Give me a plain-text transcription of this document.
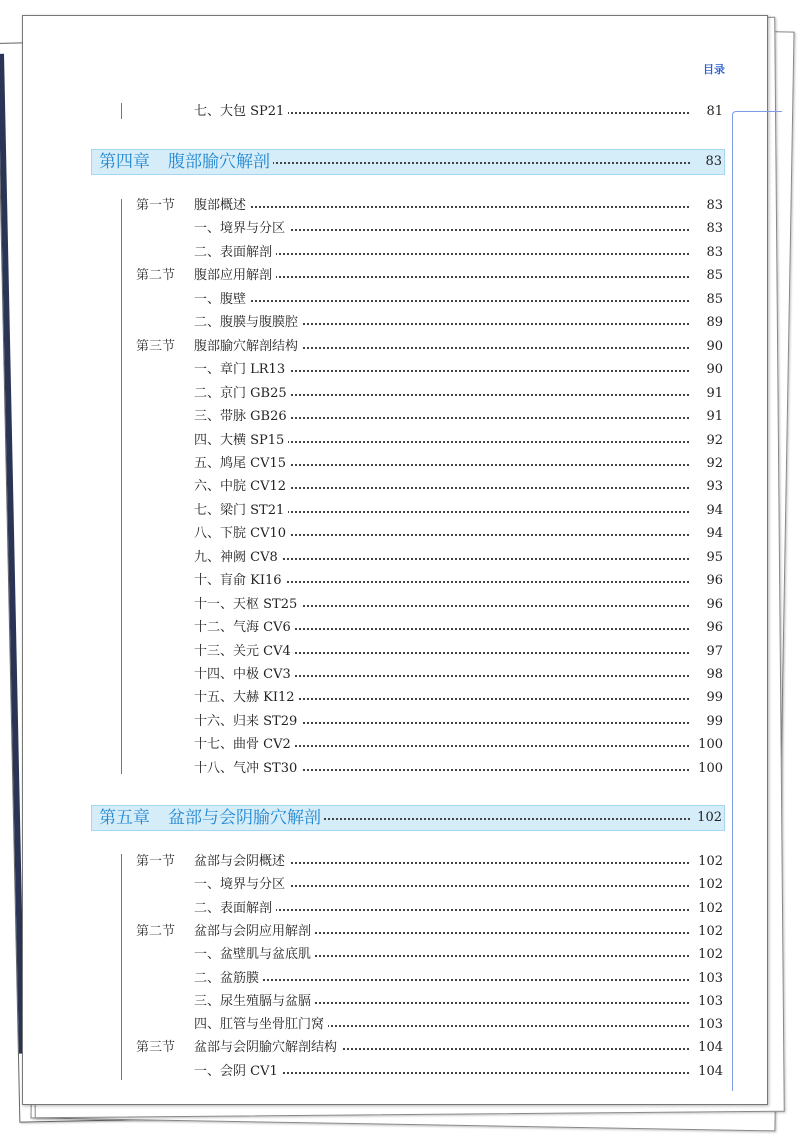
目录
七、大包 SP21	81
第四章 腹部腧穴解剖	83
第一节 腹部概述	83
一、境界与分区	83
二、表面解剖	83
第二节 腹部应用解剖	85
一、腹壁	85
二、腹膜与腹膜腔	89
第三节 腹部腧穴解剖结构	90
一、章门 LR13	90
二、京门 GB25	91
三、带脉 GB26	91
四、大横 SP15	92
五、鸠尾 CV15	92
六、中脘 CV12	93
七、梁门 ST21	94
八、下脘 CV10	94
九、神阙 CV8	95
十、肓俞 KI16	96
十一、天枢 ST25	96
十二、气海 CV6	96
十三、关元 CV4	97
十四、中极 CV3	98
十五、大赫 KI12	99
十六、归来 ST29	99
十七、曲骨 CV2	100
十八、气冲 ST30	100
第五章 盆部与会阴腧穴解剖	102
第一节 盆部与会阴概述	102
一、境界与分区	102
二、表面解剖	102
第二节 盆部与会阴应用解剖	102
一、盆壁肌与盆底肌	102
二、盆筋膜	103
三、尿生殖膈与盆膈	103
四、肛管与坐骨肛门窝	103
第三节 盆部与会阴腧穴解剖结构	104
一、会阴 CV1	104
